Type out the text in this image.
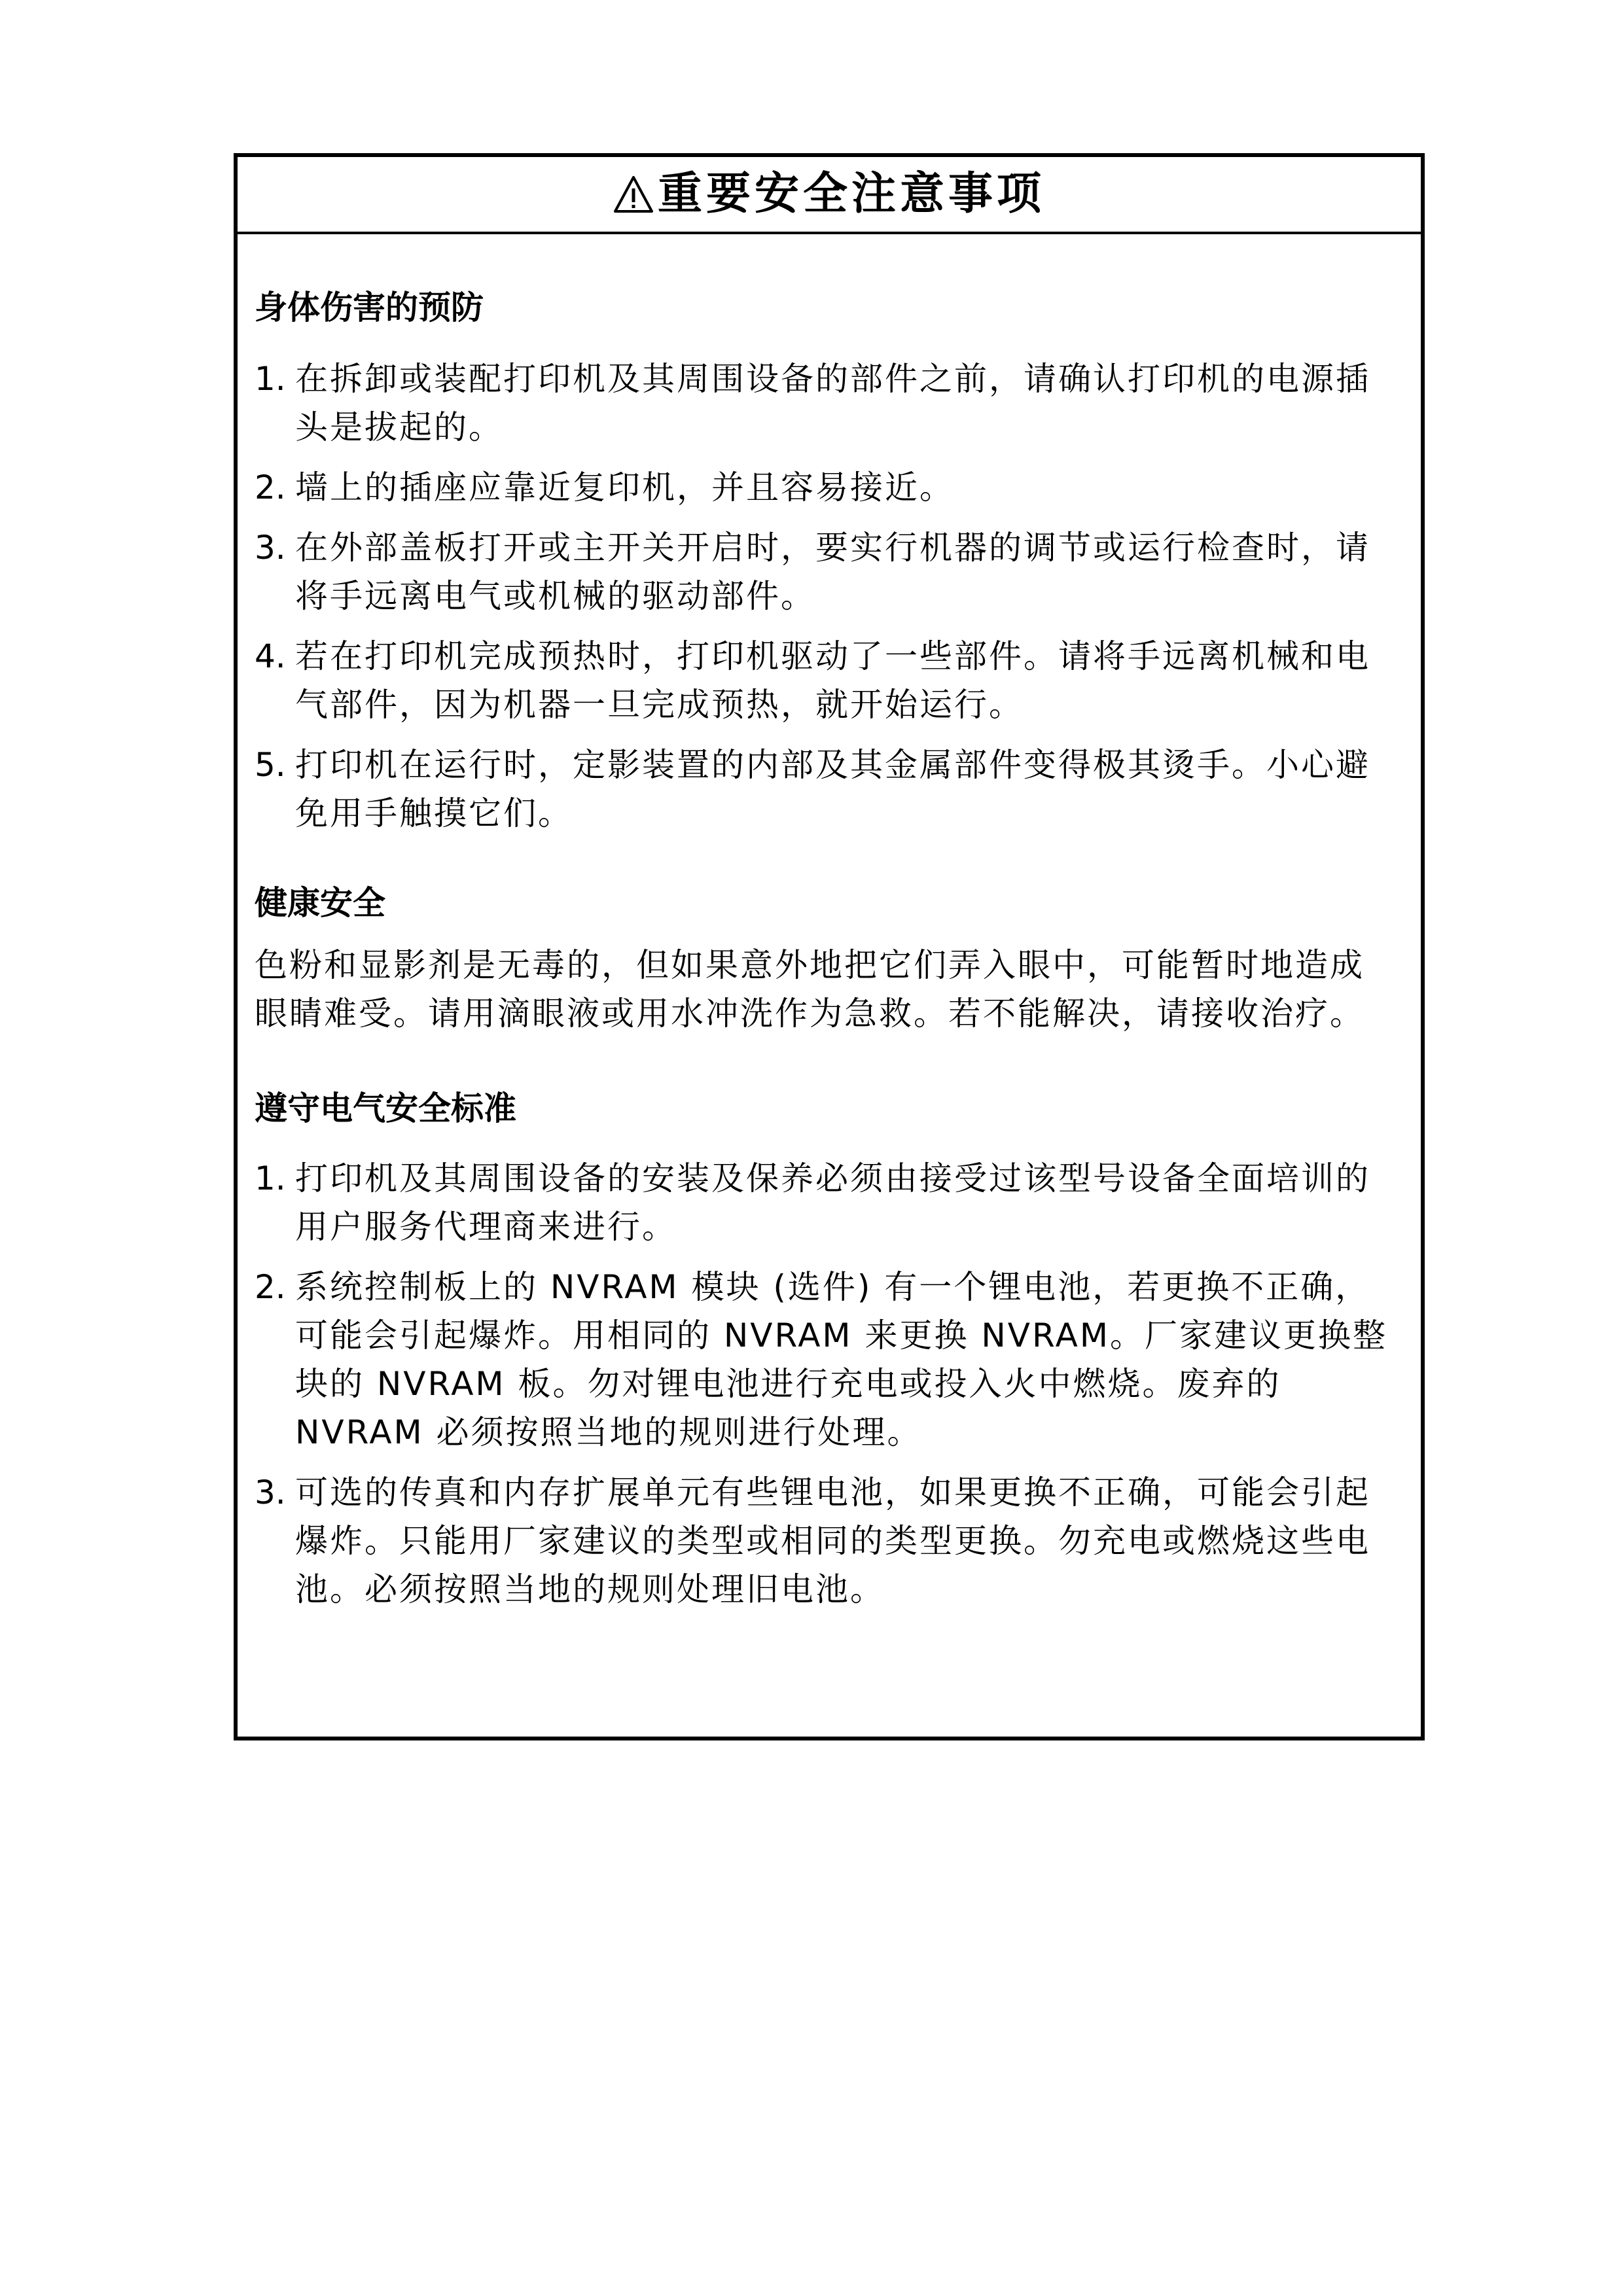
重要安全注意事项
身体伤害的预防
1. 在拆卸或装配打印机及其周围设备的部件之前，请确认打印机的电源插头是拔起的。
2. 墙上的插座应靠近复印机，并且容易接近。
3. 在外部盖板打开或主开关开启时，要实行机器的调节或运行检查时，请将手远离电气或机械的驱动部件。
4. 若在打印机完成预热时，打印机驱动了一些部件。请将手远离机械和电气部件，因为机器一旦完成预热，就开始运行。
5. 打印机在运行时，定影装置的内部及其金属部件变得极其烫手。小心避免用手触摸它们。
健康安全

色粉和显影剂是无毒的，但如果意外地把它们弄入眼中，可能暂时地造成眼睛难受。请用滴眼液或用水冲洗作为急救。若不能解决，请接收治疗。

遵守电气安全标准
1. 打印机及其周围设备的安装及保养必须由接受过该型号设备全面培训的用户服务代理商来进行。
2. 系统控制板上的 NVRAM 模块 (选件) 有一个锂电池，若更换不正确，可能会引起爆炸。用相同的 NVRAM 来更换 NVRAM。厂家建议更换整块的 NVRAM 板。勿对锂电池进行充电或投入火中燃烧。废弃的 NVRAM 必须按照当地的规则进行处理。
3. 可选的传真和内存扩展单元有些锂电池，如果更换不正确，可能会引起爆炸。只能用厂家建议的类型或相同的类型更换。勿充电或燃烧这些电池。必须按照当地的规则处理旧电池。
